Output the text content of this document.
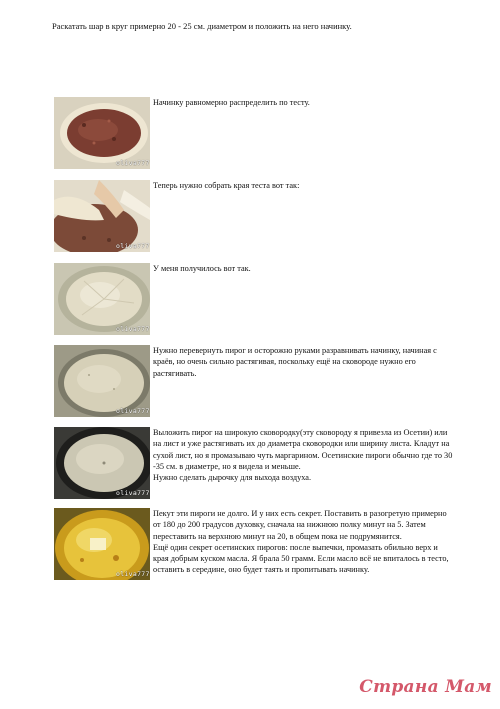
Раскатать шар в круг примерно 20 - 25 см. диаметром и положить на него начинку.
oliva777
Начинку равномерно распределить по тесту.
oliva777
Теперь нужно собрать края теста вот так:
oliva777
У меня получилось вот так.
oliva777
Нужно перевернуть пирог и осторожно руками разравнивать начинку, начиная с краёв, но очень сильно растягивая, поскольку ещё на сковороде нужно его растягивать.
oliva777
Выложить пирог на широкую сковородку(эту сковороду я привезла из Осетии) или на лист и уже растягивать их до диаметра сковородки или ширину листа. Кладут на сухой лист, но я промазываю чуть маргарином. Осетинские пироги обычно где то 30 -35 см. в диаметре, но я видела и меньше.
Нужно сделать дырочку для выхода воздуха.
oliva777
Пекут эти пироги не долго. И у них есть секрет. Поставить в разогретую примерно от 180 до 200 градусов духовку, сначала на нижнюю полку минут на 5. Затем переставить на верхнюю минут на 20, в общем пока не подрумянится.
Ещё один секрет осетинских пирогов: после выпечки, промазать обильно верх и края добрым куском масла. Я брала 50 грамм. Если масло всё не впиталось в тесто, оставить в середине, оно будет таять и пропитывать начинку.
Страна Мам
